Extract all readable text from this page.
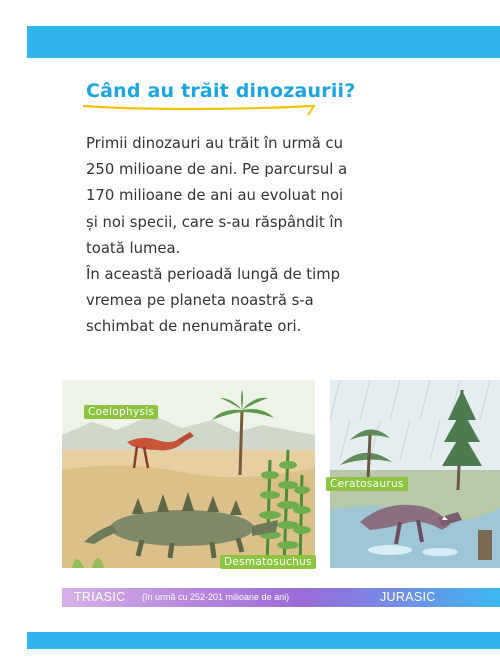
Când au trăit dinozaurii?

Primii dinozauri au trăit în urmă cu

250 milioane de ani. Pe parcursul a

170 milioane de ani au evoluat noi

și noi specii, care s-au răspândit în

toată lumea.

În această perioadă lungă de timp

vremea pe planeta noastră s-a

schimbat de nenumărate ori.

Coelophysis
Ceratosaurus
Desmatosuchus
TRIASIC (în urmă cu 252-201 milioane de ani)	JURASIC
